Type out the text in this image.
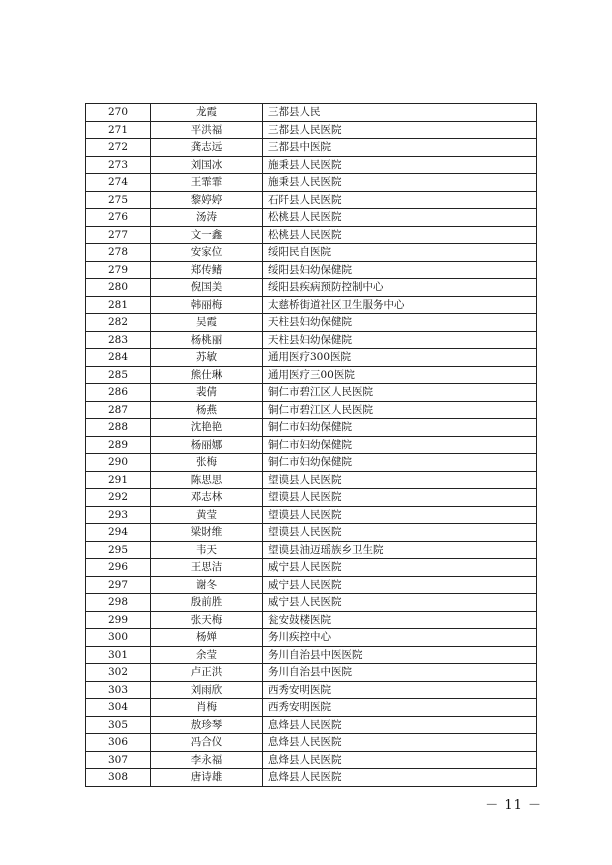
270	龙霞	三都县人民
271	平洪福	三都县人民医院
272	龚志远	三都县中医院
273	刘国冰	施秉县人民医院
274	王霏霏	施秉县人民医院
275	黎婷婷	石阡县人民医院
276	汤涛	松桃县人民医院
277	文一鑫	松桃县人民医院
278	安家位	绥阳民自医院
279	郑传鳍	绥阳县妇幼保健院
280	倪国美	绥阳县疾病预防控制中心
281	韩丽梅	太慈桥街道社区卫生服务中心
282	吴霞	天柱县妇幼保健院
283	杨桃丽	天柱县妇幼保健院
284	苏敏	通用医疗300医院
285	熊仕琳	通用医疗三00医院
286	裴倩	铜仁市碧江区人民医院
287	杨燕	铜仁市碧江区人民医院
288	沈艳艳	铜仁市妇幼保健院
289	杨丽娜	铜仁市妇幼保健院
290	张梅	铜仁市妇幼保健院
291	陈思思	望谟县人民医院
292	邓志林	望谟县人民医院
293	黄莹	望谟县人民医院
294	梁財维	望谟县人民医院
295	韦天	望谟县油迈瑶族乡卫生院
296	王思洁	威宁县人民医院
297	谢冬	威宁县人民医院
298	殷前胜	威宁县人民医院
299	张天梅	瓮安鼓楼医院
300	杨婵	务川疾控中心
301	余莹	务川自治县中医医院
302	卢正洪	务川自治县中医院
303	刘雨欣	西秀安明医院
304	肖梅	西秀安明医院
305	敖珍琴	息烽县人民医院
306	冯合仪	息烽县人民医院
307	李永福	息烽县人民医院
308	唐诗雄	息烽县人民医院
－ 11 －
